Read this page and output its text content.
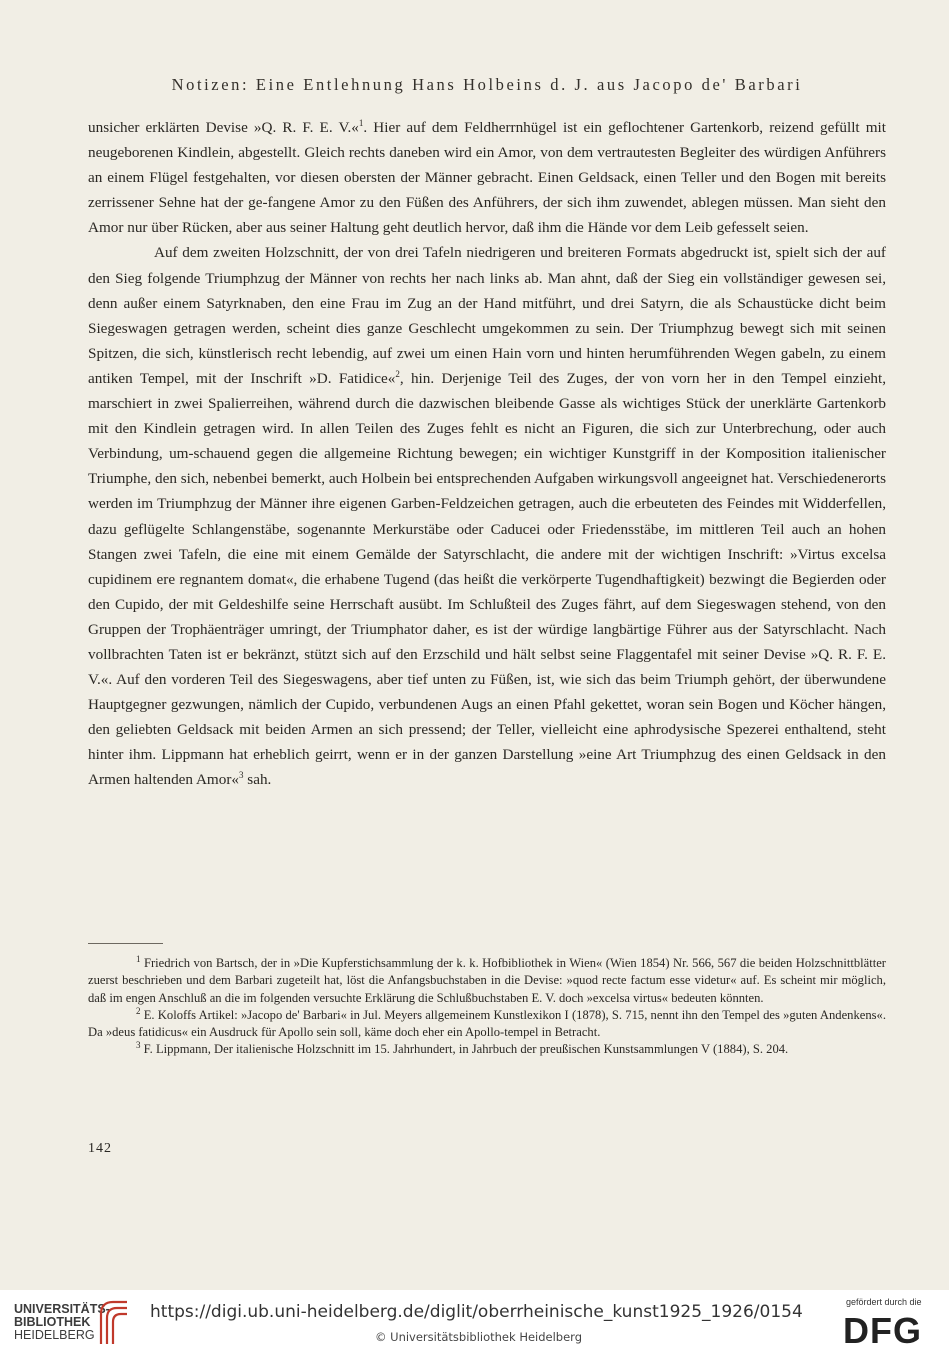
Notizen: Eine Entlehnung Hans Holbeins d. J. aus Jacopo de' Barbari

unsicher erklärten Devise »Q. R. F. E. V.«$^1$. Hier auf dem Feldherrnhügel ist ein geflochtener Gartenkorb, reizend gefüllt mit neugeborenen Kindlein, abgestellt. Gleich rechts daneben wird ein Amor, von dem vertrautesten Begleiter des würdigen Anführers an einem Flügel festgehalten, vor diesen obersten der Männer gebracht. Einen Geldsack, einen Teller und den Bogen mit bereits zerrissener Sehne hat der ge-fangene Amor zu den Füßen des Anführers, der sich ihm zuwendet, ablegen müssen. Man sieht den Amor nur über Rücken, aber aus seiner Haltung geht deutlich hervor, daß ihm die Hände vor dem Leib gefesselt seien.

Auf dem zweiten Holzschnitt, der von drei Tafeln niedrigeren und breiteren Formats abgedruckt ist, spielt sich der auf den Sieg folgende Triumphzug der Männer von rechts her nach links ab. Man ahnt, daß der Sieg ein vollständiger gewesen sei, denn außer einem Satyrknaben, den eine Frau im Zug an der Hand mitführt, und drei Satyrn, die als Schaustücke dicht beim Siegeswagen getragen werden, scheint dies ganze Geschlecht umgekommen zu sein. Der Triumphzug bewegt sich mit seinen Spitzen, die sich, künstlerisch recht lebendig, auf zwei um einen Hain vorn und hinten herumführenden Wegen gabeln, zu einem antiken Tempel, mit der Inschrift »D. Fatidice«$^2$, hin. Derjenige Teil des Zuges, der von vorn her in den Tempel einzieht, marschiert in zwei Spalierreihen, während durch die dazwischen bleibende Gasse als wichtiges Stück der unerklärte Gartenkorb mit den Kindlein getragen wird. In allen Teilen des Zuges fehlt es nicht an Figuren, die sich zur Unterbrechung, oder auch Verbindung, um-schauend gegen die allgemeine Richtung bewegen; ein wichtiger Kunstgriff in der Komposition italienischer Triumphe, den sich, nebenbei bemerkt, auch Holbein bei entsprechenden Aufgaben wirkungsvoll angeeignet hat. Verschiedenerorts werden im Triumphzug der Männer ihre eigenen Garben-Feldzeichen getragen, auch die erbeuteten des Feindes mit Widderfellen, dazu geflügelte Schlangenstäbe, sogenannte Merkurstäbe oder Caducei oder Friedensstäbe, im mittleren Teil auch an hohen Stangen zwei Tafeln, die eine mit einem Gemälde der Satyrschlacht, die andere mit der wichtigen Inschrift: »Virtus excelsa cupidinem ere regnantem domat«, die erhabene Tugend (das heißt die verkörperte Tugendhaftigkeit) bezwingt die Begierden oder den Cupido, der mit Geldeshilfe seine Herrschaft ausübt. Im Schlußteil des Zuges fährt, auf dem Siegeswagen stehend, von den Gruppen der Trophäenträger umringt, der Triumphator daher, es ist der würdige langbärtige Führer aus der Satyrschlacht. Nach vollbrachten Taten ist er bekränzt, stützt sich auf den Erzschild und hält selbst seine Flaggentafel mit seiner Devise »Q. R. F. E. V.«. Auf den vorderen Teil des Siegeswagens, aber tief unten zu Füßen, ist, wie sich das beim Triumph gehört, der überwundene Hauptgegner gezwungen, nämlich der Cupido, verbundenen Augs an einen Pfahl gekettet, woran sein Bogen und Köcher hängen, den geliebten Geldsack mit beiden Armen an sich pressend; der Teller, vielleicht eine aphrodysische Spezerei enthaltend, steht hinter ihm. Lippmann hat erheblich geirrt, wenn er in der ganzen Darstellung »eine Art Triumphzug des einen Geldsack in den Armen haltenden Amor«$^3$ sah.

$^1$ Friedrich von Bartsch, der in »Die Kupferstichsammlung der k. k. Hofbibliothek in Wien« (Wien 1854) Nr. 566, 567 die beiden Holzschnittblätter zuerst beschrieben und dem Barbari zugeteilt hat, löst die Anfangsbuchstaben in die Devise: »quod recte factum esse videtur« auf. Es scheint mir möglich, daß im engen Anschluß an die im folgenden versuchte Erklärung die Schlußbuchstaben E. V. doch »excelsa virtus« bedeuten könnten.

$^2$ E. Koloffs Artikel: »Jacopo de' Barbari« in Jul. Meyers allgemeinem Kunstlexikon I (1878), S. 715, nennt ihn den Tempel des »guten Andenkens«. Da »deus fatidicus« ein Ausdruck für Apollo sein soll, käme doch eher ein Apollo-tempel in Betracht.

$^3$ F. Lippmann, Der italienische Holzschnitt im 15. Jahrhundert, in Jahrbuch der preußischen Kunstsammlungen V (1884), S. 204.

142
UNIVERSITÄTS-
BIBLIOTHEK
HEIDELBERG
https://digi.ub.uni-heidelberg.de/diglit/oberrheinische_kunst1925_1926/0154
© Universitätsbibliothek Heidelberg
gefördert durch die
DFG
